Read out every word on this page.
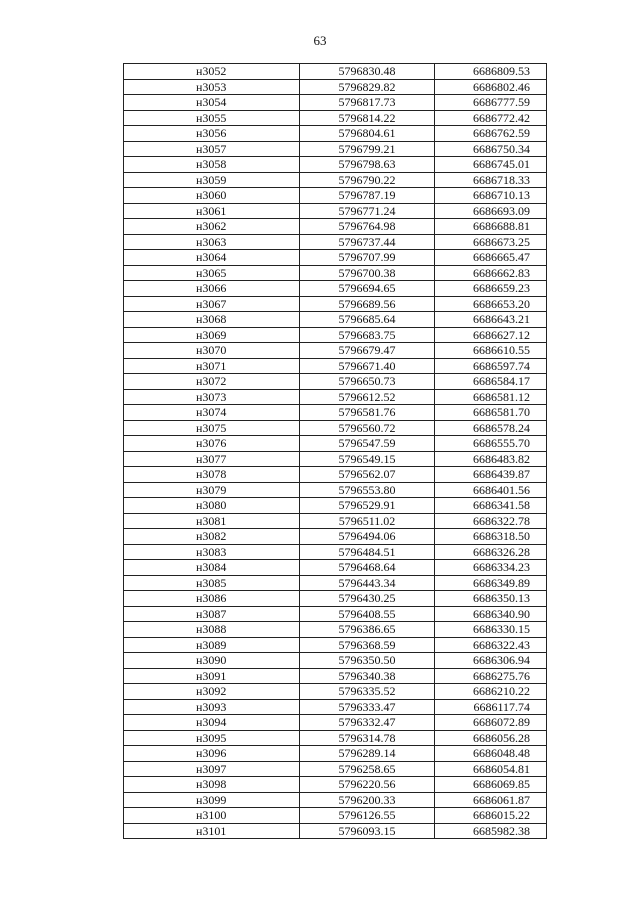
63
н3052	5796830.48	6686809.53
н3053	5796829.82	6686802.46
н3054	5796817.73	6686777.59
н3055	5796814.22	6686772.42
н3056	5796804.61	6686762.59
н3057	5796799.21	6686750.34
н3058	5796798.63	6686745.01
н3059	5796790.22	6686718.33
н3060	5796787.19	6686710.13
н3061	5796771.24	6686693.09
н3062	5796764.98	6686688.81
н3063	5796737.44	6686673.25
н3064	5796707.99	6686665.47
н3065	5796700.38	6686662.83
н3066	5796694.65	6686659.23
н3067	5796689.56	6686653.20
н3068	5796685.64	6686643.21
н3069	5796683.75	6686627.12
н3070	5796679.47	6686610.55
н3071	5796671.40	6686597.74
н3072	5796650.73	6686584.17
н3073	5796612.52	6686581.12
н3074	5796581.76	6686581.70
н3075	5796560.72	6686578.24
н3076	5796547.59	6686555.70
н3077	5796549.15	6686483.82
н3078	5796562.07	6686439.87
н3079	5796553.80	6686401.56
н3080	5796529.91	6686341.58
н3081	5796511.02	6686322.78
н3082	5796494.06	6686318.50
н3083	5796484.51	6686326.28
н3084	5796468.64	6686334.23
н3085	5796443.34	6686349.89
н3086	5796430.25	6686350.13
н3087	5796408.55	6686340.90
н3088	5796386.65	6686330.15
н3089	5796368.59	6686322.43
н3090	5796350.50	6686306.94
н3091	5796340.38	6686275.76
н3092	5796335.52	6686210.22
н3093	5796333.47	6686117.74
н3094	5796332.47	6686072.89
н3095	5796314.78	6686056.28
н3096	5796289.14	6686048.48
н3097	5796258.65	6686054.81
н3098	5796220.56	6686069.85
н3099	5796200.33	6686061.87
н3100	5796126.55	6686015.22
н3101	5796093.15	6685982.38
